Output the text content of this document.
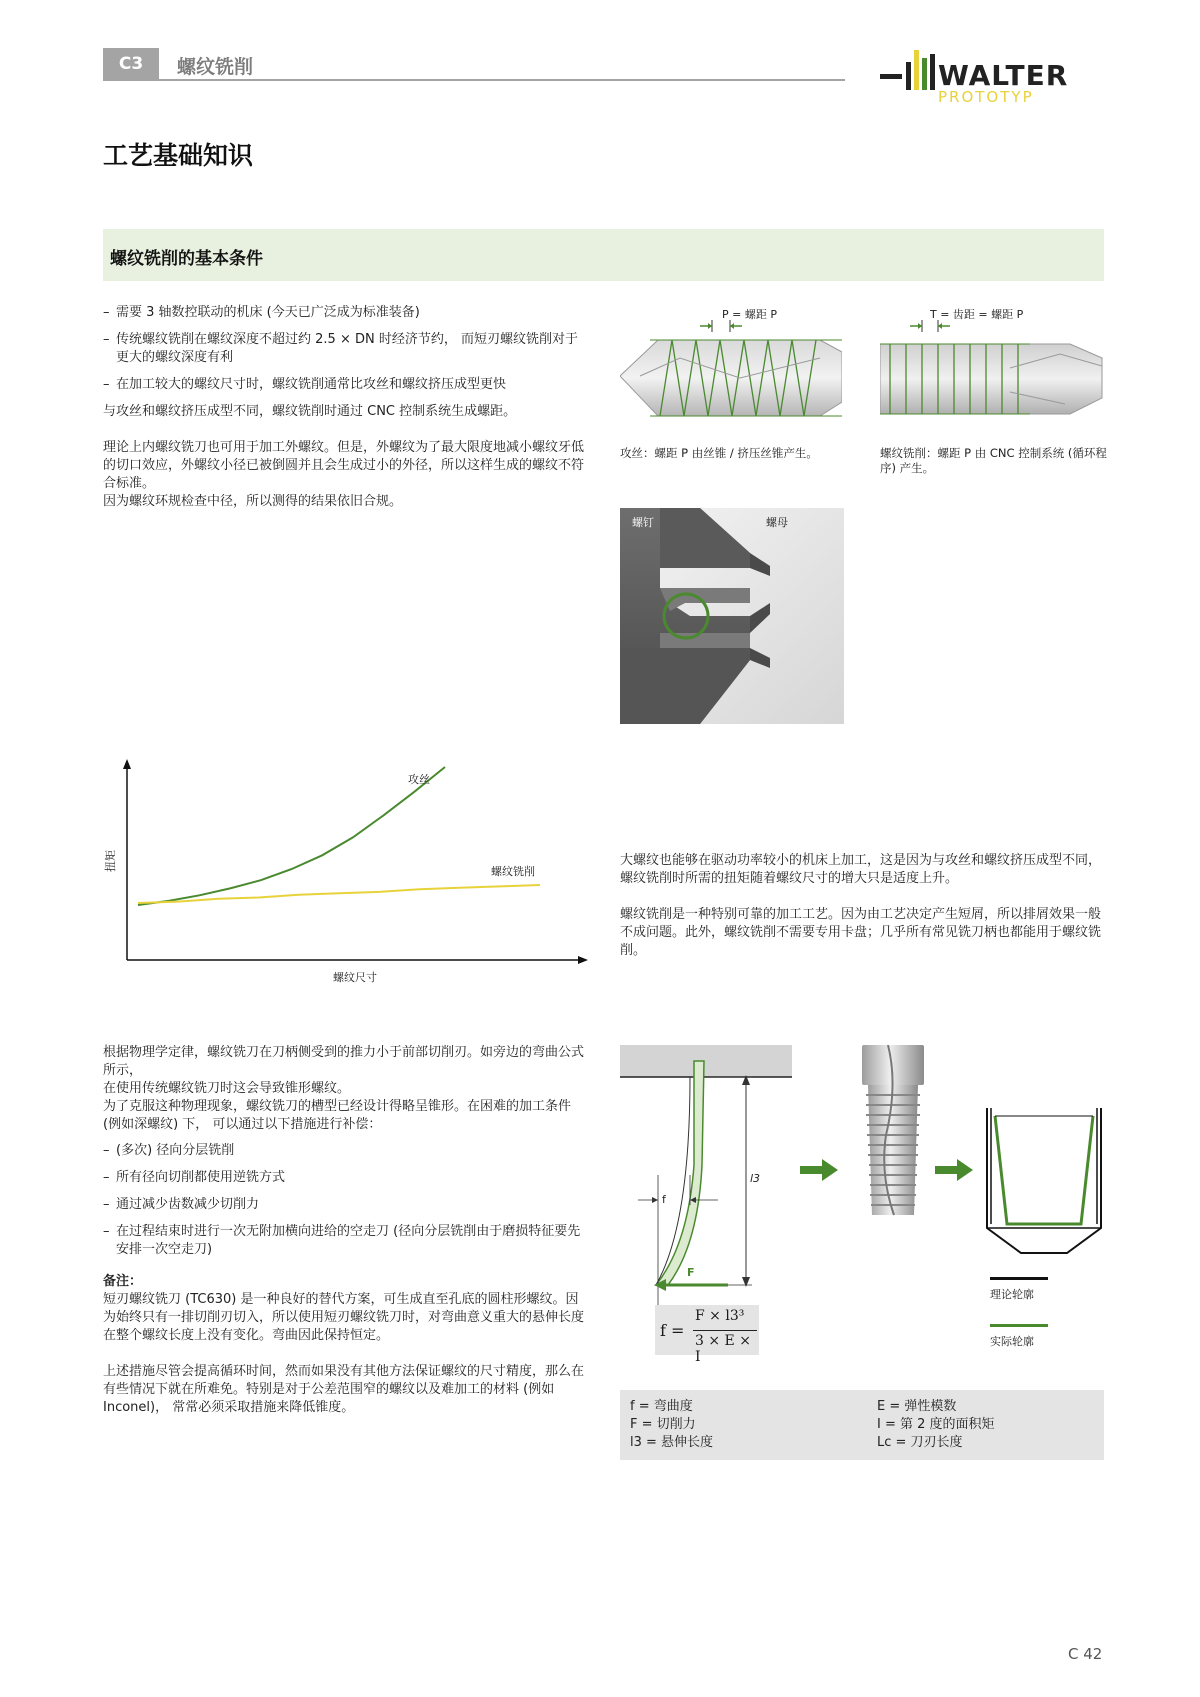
C3	螺纹铣削	WALTER
PROTOTYP
工艺基础知识
螺纹铣削的基本条件
– 需要 3 轴数控联动的机床 (今天已广泛成为标准装备)
– 传统螺纹铣削在螺纹深度不超过约 2.5 × DN 时经济节约， 而短刃螺纹铣削对于更大的螺纹深度有利
– 在加工较大的螺纹尺寸时，螺纹铣削通常比攻丝和螺纹挤压成型更快

与攻丝和螺纹挤压成型不同，螺纹铣削时通过 CNC 控制系统生成螺距。

理论上内螺纹铣刀也可用于加工外螺纹。但是，外螺纹为了最大限度地减小螺纹牙低的切口效应，外螺纹小径已被倒圆并且会生成过小的外径，所以这样生成的螺纹不符合标准。

因为螺纹环规检查中径，所以测得的结果依旧合规。

P = 螺距 P
攻丝：螺距 P 由丝锥 / 挤压丝锥产生。
T = 齿距 = 螺距 P
螺纹铣削：螺距 P 由 CNC 控制系统 (循环程序) 产生。
螺钉	螺母
攻丝
螺纹铣削
螺纹尺寸
扭矩	大螺纹也能够在驱动功率较小的机床上加工，这是因为与攻丝和螺纹挤压成型不同，螺纹铣削时所需的扭矩随着螺纹尺寸的增大只是适度上升。

螺纹铣削是一种特别可靠的加工工艺。因为由工艺决定产生短屑，所以排屑效果一般不成问题。此外，螺纹铣削不需要专用卡盘；几乎所有常见铣刀柄也都能用于螺纹铣削。

根据物理学定律，螺纹铣刀在刀柄侧受到的推力小于前部切削刃。如旁边的弯曲公式所示，

在使用传统螺纹铣刀时这会导致锥形螺纹。

为了克服这种物理现象，螺纹铣刀的槽型已经设计得略呈锥形。在困难的加工条件 (例如深螺纹) 下， 可以通过以下措施进行补偿：

– (多次) 径向分层铣削
– 所有径向切削都使用逆铣方式
– 通过减少齿数减少切削力
– 在过程结束时进行一次无附加横向进给的空走刀 (径向分层铣削由于磨损特征要先安排一次空走刀)

备注：

短刃螺纹铣刀 (TC630) 是一种良好的替代方案，可生成直至孔底的圆柱形螺纹。因为始终只有一排切削刃切入，所以使用短刃螺纹铣刀时，对弯曲意义重大的悬伸长度在整个螺纹长度上没有变化。弯曲因此保持恒定。

上述措施尽管会提高循环时间，然而如果没有其他方法保证螺纹的尺寸精度，那么在有些情况下就在所难免。特别是对于公差范围窄的螺纹以及难加工的材料 (例如 Inconel)， 常常必须采取措施来降低锥度。

f
l3
F
f =
F × l3³
3 × E × I
理论轮廓
实际轮廓
f = 弯曲度
F = 切削力
l3 = 悬伸长度
E = 弹性模数
I = 第 2 度的面积矩
Lc = 刀刃长度
C 42
